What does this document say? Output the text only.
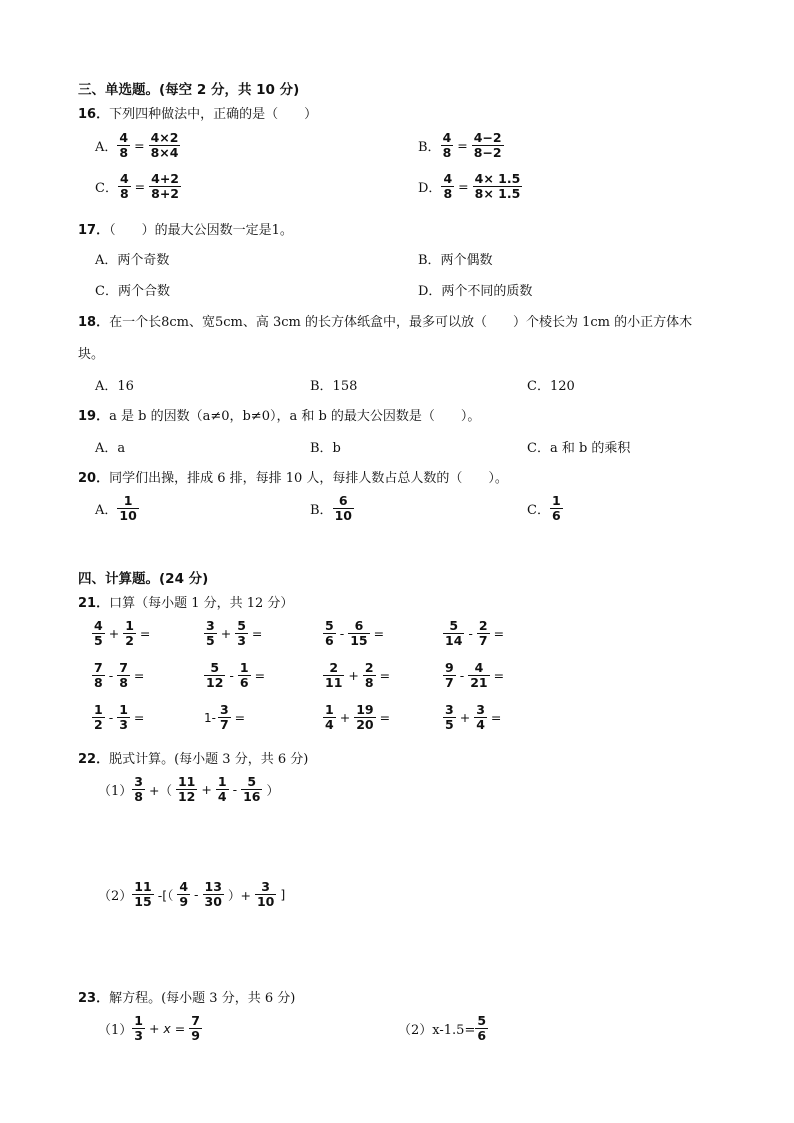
三、单选题。(每空 2 分，共 10 分)
16．下列四种做法中，正确的是（　　）
A． $\frac{4}{8} = \frac{4\times 2}{8\times 4}$	B． $\frac{4}{8} = \frac{4-2}{8-2}$
C． $\frac{4}{8} = \frac{4+2}{8+2}$	D． $\frac{4}{8} = \frac{4\times 1.5}{8\times 1.5}$
17．（　　）的最大公因数一定是1。
A．两个奇数	B．两个偶数
C．两个合数	D．两个不同的质数
18．在一个长8cm、宽5cm、高 3cm 的长方体纸盒中，最多可以放（　　）个棱长为 1cm 的小正方体木
块。
A．16	B．158	C．120
19．a 是 b 的因数（a≠0，b≠0），a 和 b 的最大公因数是（　　）。
A．a	B．b	C．a 和 b 的乘积
20．同学们出操，排成 6 排，每排 10 人，每排人数占总人数的（　　）。
A． $\frac{1}{10}$	B． $\frac{6}{10}$	C． $\frac{1}{6}$
四、计算题。(24 分)
21．口算（每小题 1 分，共 12 分）
$\frac{4}{5} + \frac{1}{2}$ =	$\frac{3}{5} + \frac{5}{3}$ =	$\frac{5}{6} - \frac{6}{15}$ =	$\frac{5}{14} - \frac{2}{7}$ =
$\frac{7}{8} - \frac{7}{8}$ =	$\frac{5}{12} - \frac{1}{6}$ =	$\frac{2}{11} + \frac{2}{8}$ =	$\frac{9}{7} - \frac{4}{21}$ =
$\frac{1}{2} - \frac{1}{3}$ =	$1- \frac{3}{7}$ =	$\frac{1}{4} + \frac{19}{20}$ =	$\frac{3}{5} + \frac{3}{4}$ =
22．脱式计算。(每小题 3 分，共 6 分)
$(1) \frac{3}{8}$ +（ $\frac{11}{12} + \frac{1}{4} - \frac{5}{16}$ ）
$(2) \frac{11}{15}$ -[（ $\frac{4}{9} - \frac{13}{30}$ ）+ $\frac{3}{10}$ ]
23．解方程。(每小题 3 分，共 6 分)
$(1) \frac{1}{3} + x = \frac{7}{9}$	$(2)x-1.5= \frac{5}{6}$
